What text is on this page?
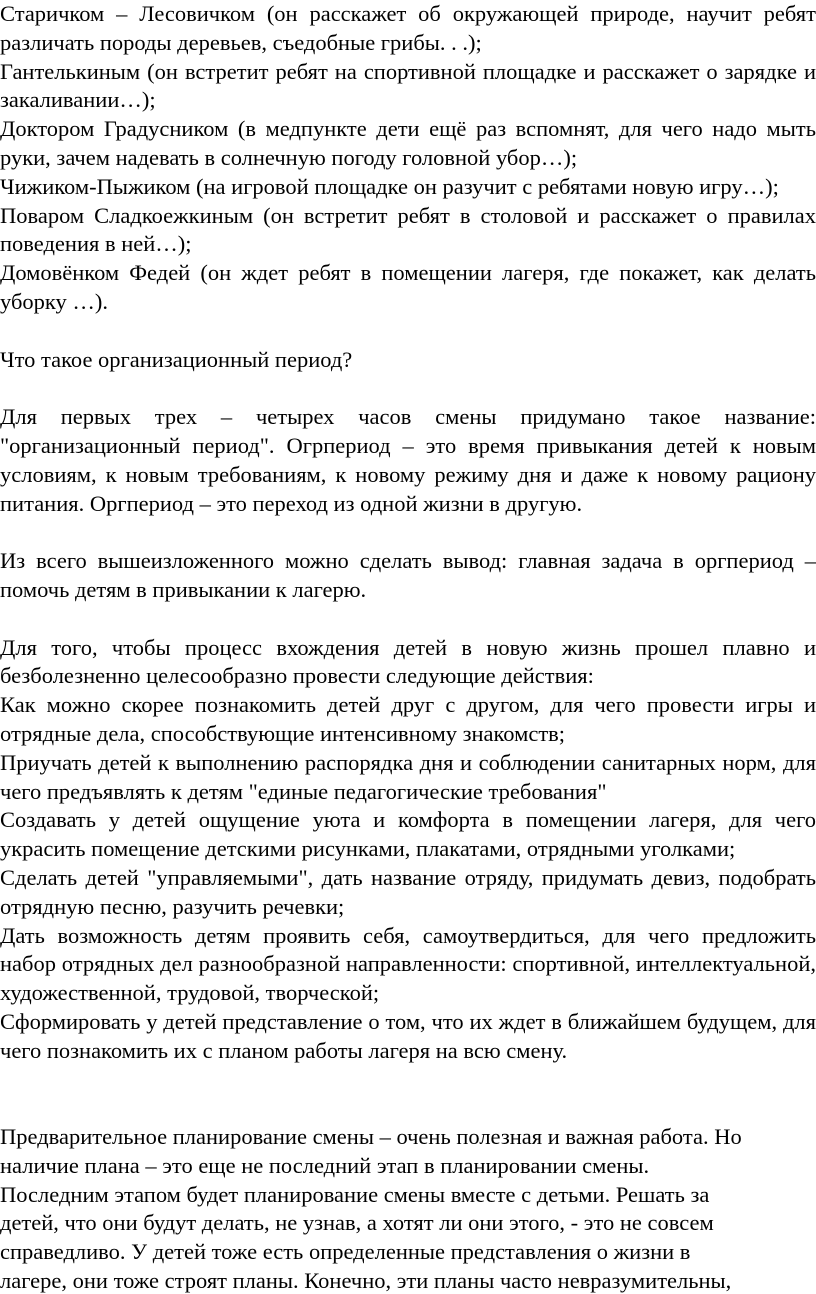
Старичком – Лесовичком (он расскажет об окружающей природе, научит ребят различать породы деревьев, съедобные грибы. . .);

Гантелькиным (он встретит ребят на спортивной площадке и расскажет о зарядке и закаливании…);

Доктором Градусником (в медпункте дети ещё раз вспомнят, для чего надо мыть руки, зачем надевать в солнечную погоду головной убор…);

Чижиком-Пыжиком (на игровой площадке он разучит с ребятами новую игру…);

Поваром Сладкоежкиным (он встретит ребят в столовой и расскажет о правилах поведения в ней…);

Домовёнком Федей (он ждет ребят в помещении лагеря, где покажет, как делать уборку …).

Что такое организационный период?

Для первых трех – четырех часов смены придумано такое название: "организационный период". Огрпериод – это время привыкания детей к новым условиям, к новым требованиям, к новому режиму дня и даже к новому рациону питания. Оргпериод – это переход из одной жизни в другую.

Из всего вышеизложенного можно сделать вывод: главная задача в оргпериод – помочь детям в привыкании к лагерю.

Для того, чтобы процесс вхождения детей в новую жизнь прошел плавно и безболезненно целесообразно провести следующие действия:

Как можно скорее познакомить детей друг с другом, для чего провести игры и отрядные дела, способствующие интенсивному знакомств;

Приучать детей к выполнению распорядка дня и соблюдении санитарных норм, для чего предъявлять к детям "единые педагогические требования"

Создавать у детей ощущение уюта и комфорта в помещении лагеря, для чего украсить помещение детскими рисунками, плакатами, отрядными уголками;

Сделать детей "управляемыми", дать название отряду, придумать девиз, подобрать отрядную песню, разучить речевки;

Дать возможность детям проявить себя, самоутвердиться, для чего предложить набор отрядных дел разнообразной направленности: спортивной, интеллектуальной, художественной, трудовой, творческой;

Сформировать у детей представление о том, что их ждет в ближайшем будущем, для чего познакомить их с планом работы лагеря на всю смену.

Предварительное планирование смены – очень полезная и важная работа. Но
наличие плана – это еще не последний этап в планировании смены.
Последним этапом будет планирование смены вместе с детьми. Решать за
детей, что они будут делать, не узнав, а хотят ли они этого, - это не совсем
справедливо. У детей тоже есть определенные представления о жизни в
лагере, они тоже строят планы. Конечно, эти планы часто невразумительны,
